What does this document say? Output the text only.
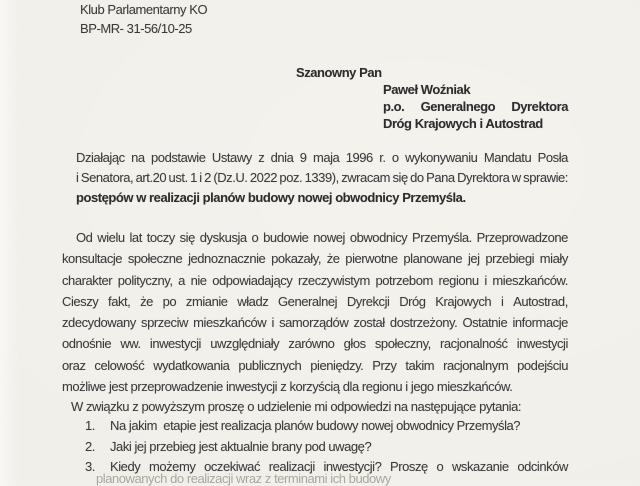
Klub Parlamentarny KO
BP-MR- 31-56/10-25
Szanowny Pan
Paweł Woźniak
p.o. Generalnego Dyrektora
Dróg Krajowych i Autostrad
Działając na podstawie Ustawy z dnia 9 maja 1996 r. o wykonywaniu Mandatu Posła
i Senatora, art.20 ust. 1 i 2 (Dz.U. 2022 poz. 1339), zwracam się do Pana Dyrektora w sprawie:
postępów w realizacji planów budowy nowej obwodnicy Przemyśla.
Od wielu lat toczy się dyskusja o budowie nowej obwodnicy Przemyśla. Przeprowadzone
konsultacje społeczne jednoznacznie pokazały, że pierwotne planowane jej przebiegi miały
charakter polityczny, a nie odpowiadający rzeczywistym potrzebom regionu i mieszkańców.
Cieszy fakt, że po zmianie władz Generalnej Dyrekcji Dróg Krajowych i Autostrad,
zdecydowany sprzeciw mieszkańców i samorządów został dostrzeżony. Ostatnie informacje
odnośnie ww. inwestycji uwzględniały zarówno głos społeczny, racjonalność inwestycji
oraz celowość wydatkowania publicznych pieniędzy. Przy takim racjonalnym podejściu
możliwe jest przeprowadzenie inwestycji z korzyścią dla regionu i jego mieszkańców.
W związku z powyższym proszę o udzielenie mi odpowiedzi na następujące pytania:
1.	Na jakim  etapie jest realizacja planów budowy nowej obwodnicy Przemyśla?
2.	Jaki jej przebieg jest aktualnie brany pod uwagę?
3.	Kiedy możemy oczekiwać realizacji inwestycji? Proszę o wskazanie odcinków
planowanych do realizacji wraz z terminami ich budowy
